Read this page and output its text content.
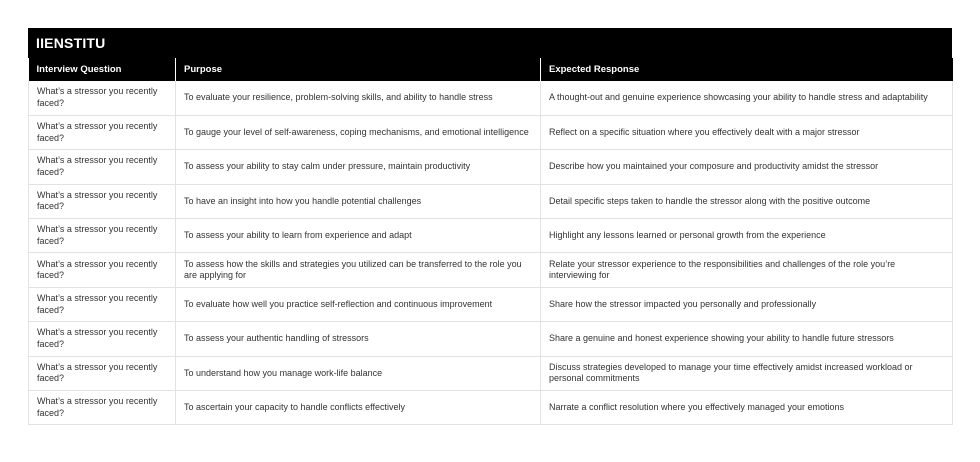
IIENSTITU
Interview Question	Purpose	Expected Response
What’s a stressor you recently faced?	To evaluate your resilience, problem-solving skills, and ability to handle stress	A thought-out and genuine experience showcasing your ability to handle stress and adaptability
What’s a stressor you recently faced?	To gauge your level of self-awareness, coping mechanisms, and emotional intelligence	Reflect on a specific situation where you effectively dealt with a major stressor
What’s a stressor you recently faced?	To assess your ability to stay calm under pressure, maintain productivity	Describe how you maintained your composure and productivity amidst the stressor
What’s a stressor you recently faced?	To have an insight into how you handle potential challenges	Detail specific steps taken to handle the stressor along with the positive outcome
What’s a stressor you recently faced?	To assess your ability to learn from experience and adapt	Highlight any lessons learned or personal growth from the experience
What’s a stressor you recently faced?	To assess how the skills and strategies you utilized can be transferred to the role you are applying for	Relate your stressor experience to the responsibilities and challenges of the role you’re interviewing for
What’s a stressor you recently faced?	To evaluate how well you practice self-reflection and continuous improvement	Share how the stressor impacted you personally and professionally
What’s a stressor you recently faced?	To assess your authentic handling of stressors	Share a genuine and honest experience showing your ability to handle future stressors
What’s a stressor you recently faced?	To understand how you manage work-life balance	Discuss strategies developed to manage your time effectively amidst increased workload or personal commitments
What’s a stressor you recently faced?	To ascertain your capacity to handle conflicts effectively	Narrate a conflict resolution where you effectively managed your emotions
